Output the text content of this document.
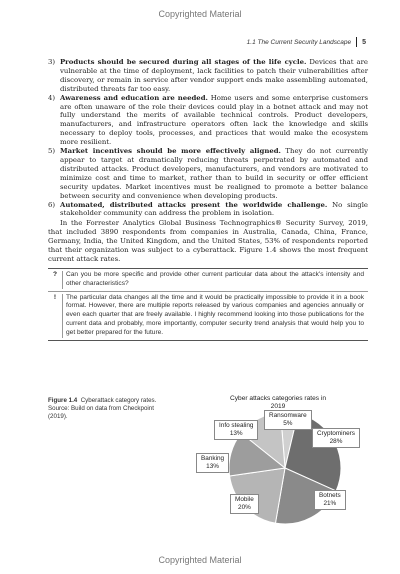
Copyrighted Material
1.1 The Current Security Landscape 5
3) Products should be secured during all stages of the life cycle. Devices that are vulnerable at the time of deployment, lack facilities to patch their vulnerabilities after discovery, or remain in service after vendor support ends make assembling automated, distributed threats far too easy.
4) Awareness and education are needed. Home users and some enterprise customers are often unaware of the role their devices could play in a botnet attack and may not fully understand the merits of available technical controls. Product developers, manufacturers, and infrastructure operators often lack the knowledge and skills necessary to deploy tools, processes, and practices that would make the ecosystem more resilient.
5) Market incentives should be more effectively aligned. They do not currently appear to target at dramatically reducing threats perpetrated by automated and distributed attacks. Product developers, manufacturers, and vendors are motivated to minimize cost and time to market, rather than to build in security or offer efficient security updates. Market incentives must be realigned to promote a better balance between security and convenience when developing products.
6) Automated, distributed attacks present the worldwide challenge. No single stakeholder community can address the problem in isolation.
In the Forrester Analytics Global Business Technographics® Security Survey, 2019, that included 3890 respondents from companies in Australia, Canada, China, France, Germany, India, the United Kingdom, and the United States, 53% of respondents reported that their organization was subject to a cyberattack. Figure 1.4 shows the most frequent current attack rates.
?	Can you be more specific and provide other current particular data about the attack's intensity and other characteristics?
!	The particular data changes all the time and it would be practically impossible to provide it in a book format. However, there are multiple reports released by various companies and agencies annually or even each quarter that are freely available. I highly recommend looking into those publications for the current data and probably, more importantly, computer security trend analysis that would help you to get better prepared for the future.
Figure 1.4 Cyberattack category rates. Source: Build on data from Checkpoint (2019).
Cyber attacks categories rates in 2019
Ransomware
5%
Cryptominers
28%
Botnets
21%
Mobile
20%
Banking
13%
Info stealing
13%
Copyrighted Material
